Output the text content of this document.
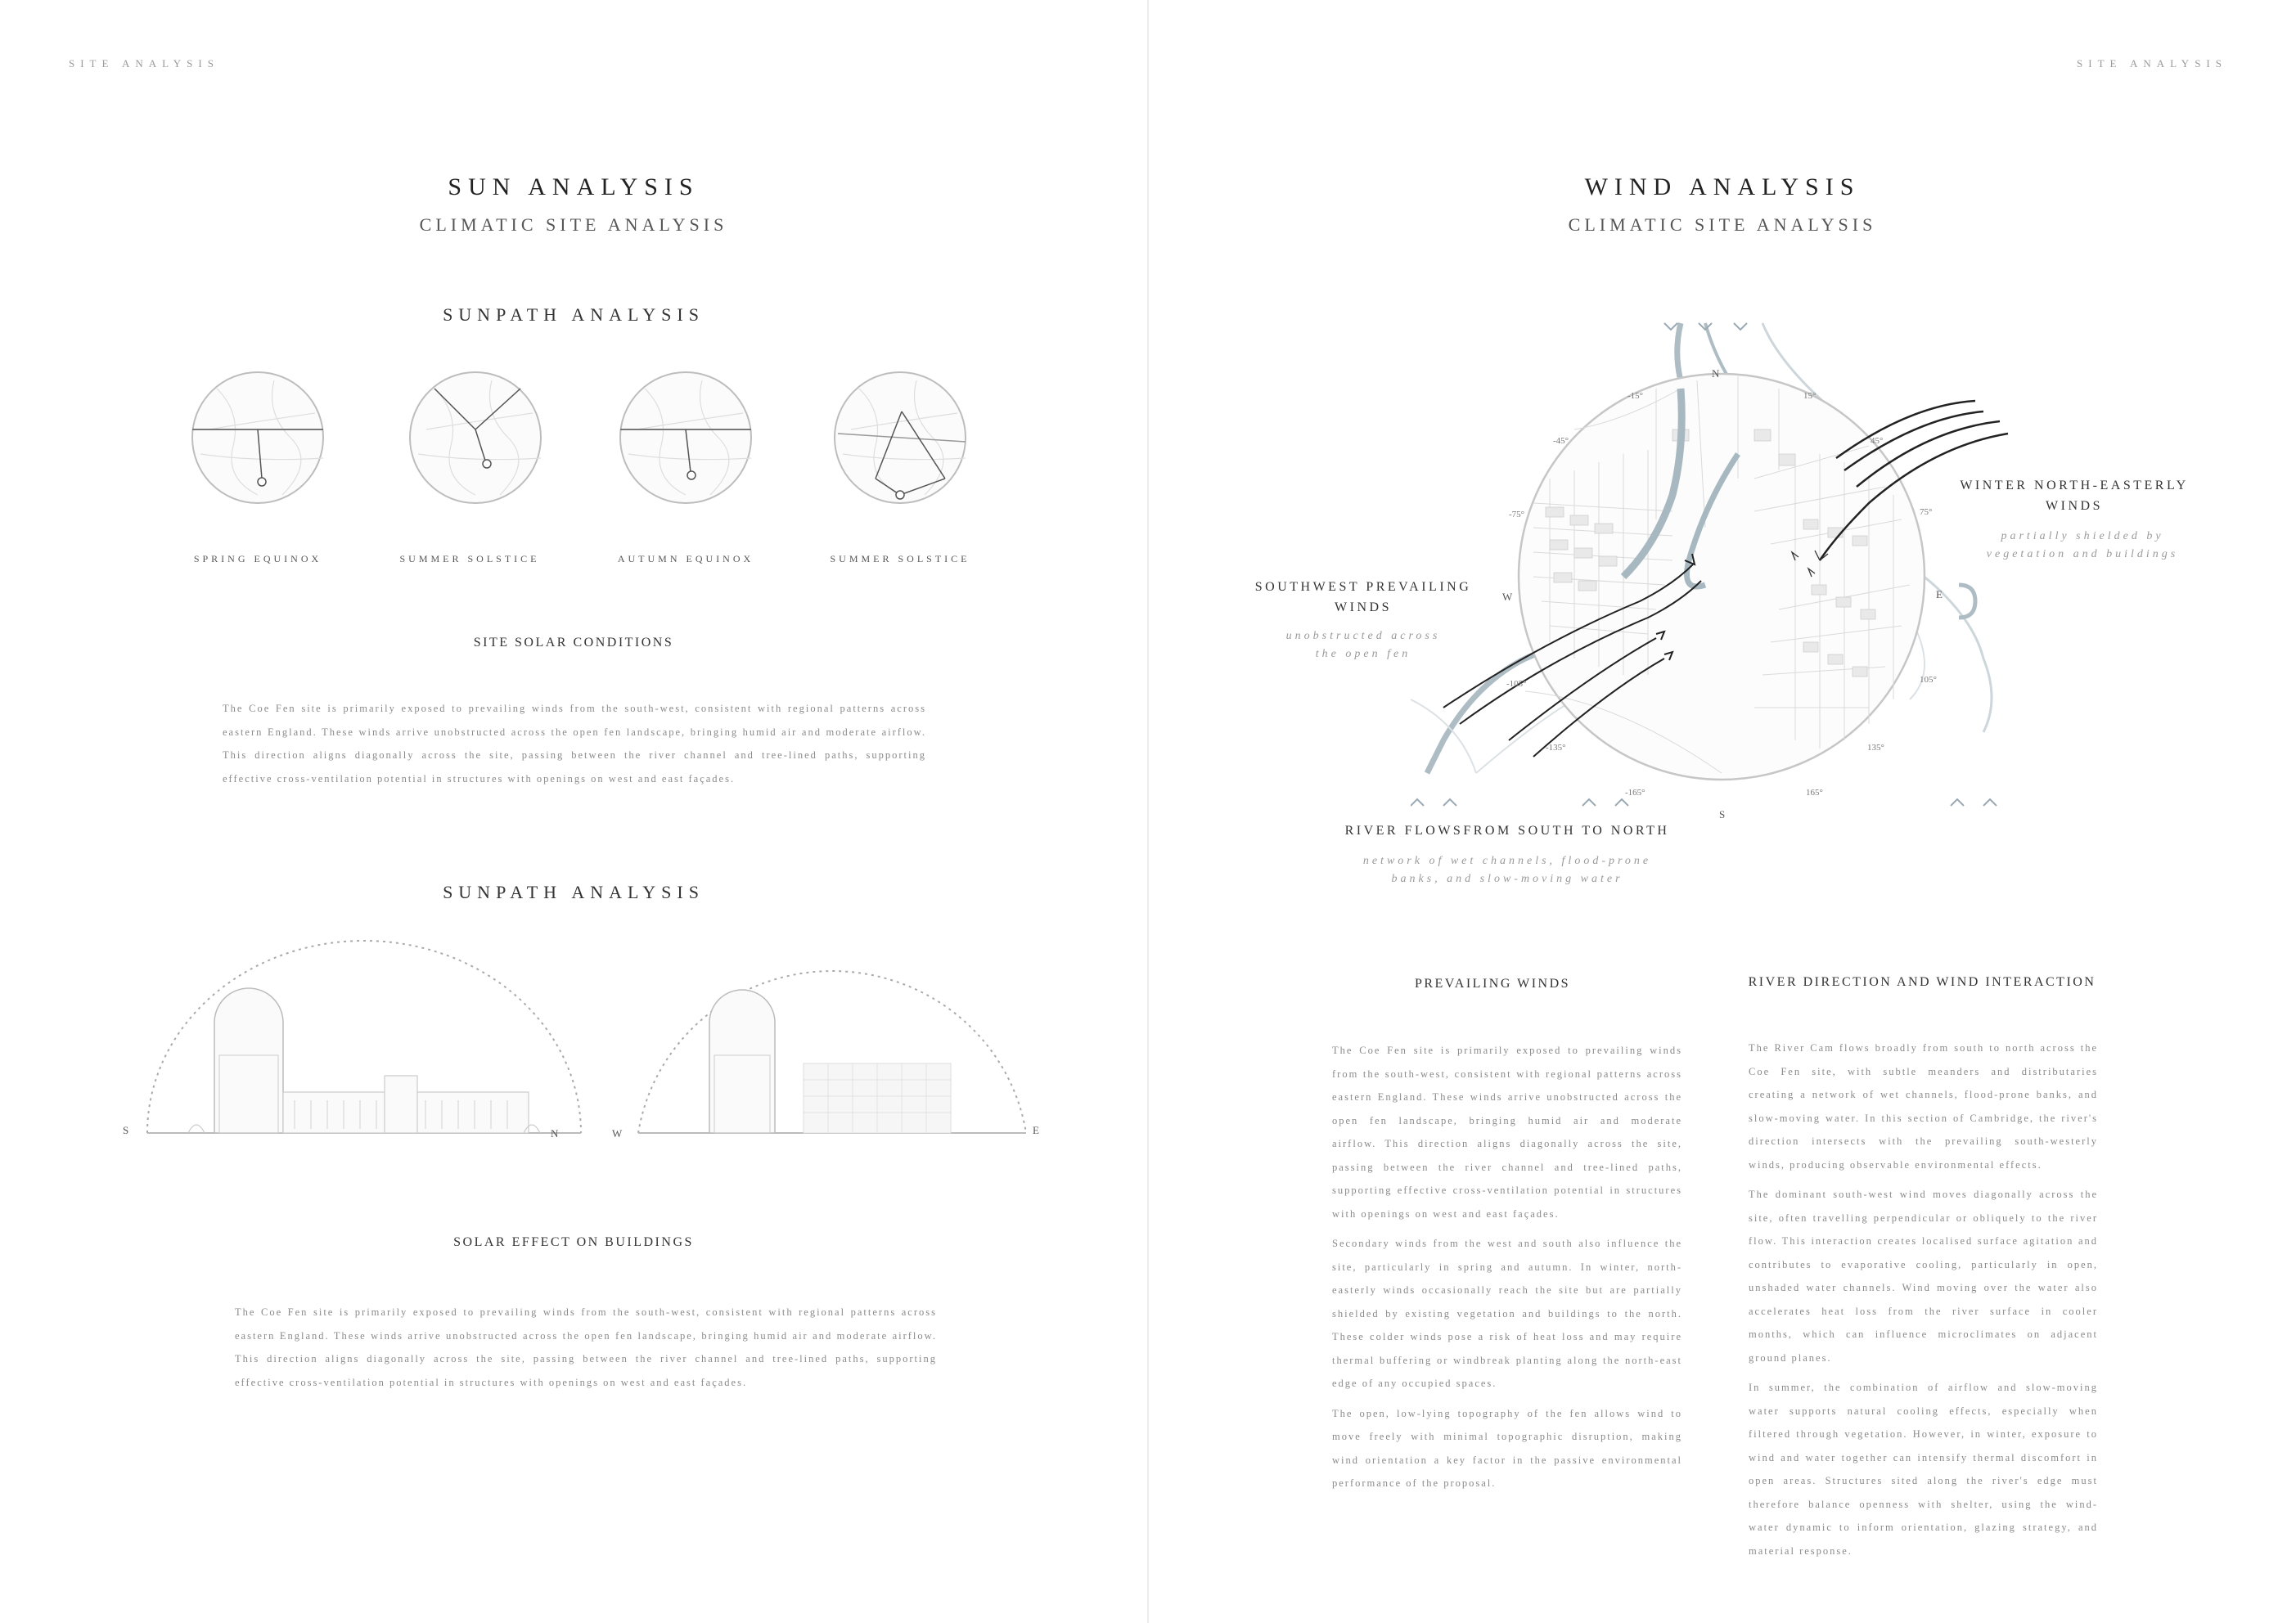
SITE ANALYSIS
SUN ANALYSIS
CLIMATIC SITE ANALYSIS
SUNPATH ANALYSIS
SPRING EQUINOX	SUMMER SOLSTICE	AUTUMN EQUINOX	SUMMER SOLSTICE
SITE SOLAR CONDITIONS
The Coe Fen site is primarily exposed to prevailing winds from the south-west, consistent with regional patterns across eastern England. These winds arrive unobstructed across the open fen landscape, bringing humid air and moderate airflow. This direction aligns diagonally across the site, passing between the river channel and tree-lined paths, supporting effective cross-ventilation potential in structures with openings on west and east façades.
SUNPATH ANALYSIS
S	N	W	E
SOLAR EFFECT ON BUILDINGS
The Coe Fen site is primarily exposed to prevailing winds from the south-west, consistent with regional patterns across eastern England. These winds arrive unobstructed across the open fen landscape, bringing humid air and moderate airflow. This direction aligns diagonally across the site, passing between the river channel and tree-lined paths, supporting effective cross-ventilation potential in structures with openings on west and east façades.
SITE ANALYSIS
WIND ANALYSIS
CLIMATIC SITE ANALYSIS
N
S
E
W
-15°	15°
-45°	45°
-75°	75°
-105°	105°
-135°	135°
-165°	165°
SOUTHWEST PREVAILING WINDS
unobstructed across the open fen
WINTER NORTH-EASTERLY WINDS
partially shielded by vegetation and buildings
RIVER FLOWSFROM SOUTH TO NORTH
network of wet channels, flood-prone banks, and slow-moving water
PREVAILING WINDS

The Coe Fen site is primarily exposed to prevailing winds from the south-west, consistent with regional patterns across eastern England. These winds arrive unobstructed across the open fen landscape, bringing humid air and moderate airflow. This direction aligns diagonally across the site, passing between the river channel and tree-lined paths, supporting effective cross-ventilation potential in structures with openings on west and east façades.

Secondary winds from the west and south also influence the site, particularly in spring and autumn. In winter, north-easterly winds occasionally reach the site but are partially shielded by existing vegetation and buildings to the north. These colder winds pose a risk of heat loss and may require thermal buffering or windbreak planting along the north-east edge of any occupied spaces.

The open, low-lying topography of the fen allows wind to move freely with minimal topographic disruption, making wind orientation a key factor in the passive environmental performance of the proposal.

RIVER DIRECTION AND WIND INTERACTION

The River Cam flows broadly from south to north across the Coe Fen site, with subtle meanders and distributaries creating a network of wet channels, flood-prone banks, and slow-moving water. In this section of Cambridge, the river's direction intersects with the prevailing south-westerly winds, producing observable environmental effects.

The dominant south-west wind moves diagonally across the site, often travelling perpendicular or obliquely to the river flow. This interaction creates localised surface agitation and contributes to evaporative cooling, particularly in open, unshaded water channels. Wind moving over the water also accelerates heat loss from the river surface in cooler months, which can influence microclimates on adjacent ground planes.

In summer, the combination of airflow and slow-moving water supports natural cooling effects, especially when filtered through vegetation. However, in winter, exposure to wind and water together can intensify thermal discomfort in open areas. Structures sited along the river's edge must therefore balance openness with shelter, using the wind-water dynamic to inform orientation, glazing strategy, and material response.
